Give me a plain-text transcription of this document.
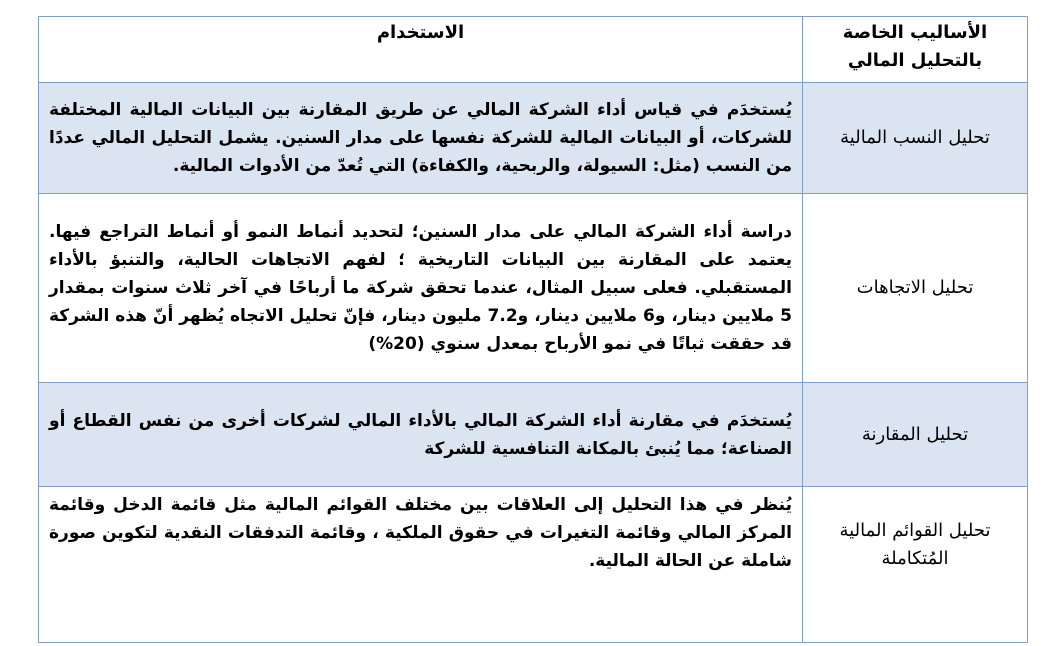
الأساليب الخاصة بالتحليل المالي	الاستخدام
تحليل النسب المالية	يُستخدَم في قياس أداء الشركة المالي عن طريق المقارنة بين البيانات المالية المختلفة للشركات، أو البيانات المالية للشركة نفسها على مدار السنين. يشمل التحليل المالي عددًا من النسب (مثل: السيولة، والربحية، والكفاءة) التي تُعدّ من الأدوات المالية.
تحليل الاتجاهات	دراسة أداء الشركة المالي على مدار السنين؛ لتحديد أنماط النمو أو أنماط التراجع فيها. يعتمد على المقارنة بين البيانات التاريخية ؛ لفهم الاتجاهات الحالية، والتنبؤ بالأداء المستقبلي. فعلى سبيل المثال، عندما تحقق شركة ما أرباحًا في آخر ثلاث سنوات بمقدار 5 ملايين دينار، و6 ملايين دينار، و7.2 مليون دينار، فإنّ تحليل الاتجاه يُظهر أنّ هذه الشركة قد حققت ثباتًا في نمو الأرباح بمعدل سنوي (20%)
تحليل المقارنة	يُستخدَم في مقارنة أداء الشركة المالي بالأداء المالي لشركات أخرى من نفس القطاع أو الصناعة؛ مما يُنبئ بالمكانة التنافسية للشركة
تحليل القوائم المالية المُتكاملة	يُنظر في هذا التحليل إلى العلاقات بين مختلف القوائم المالية مثل قائمة الدخل وقائمة المركز المالي وقائمة التغيرات في حقوق الملكية ، وقائمة التدفقات النقدية لتكوين صورة شاملة عن الحالة المالية.
